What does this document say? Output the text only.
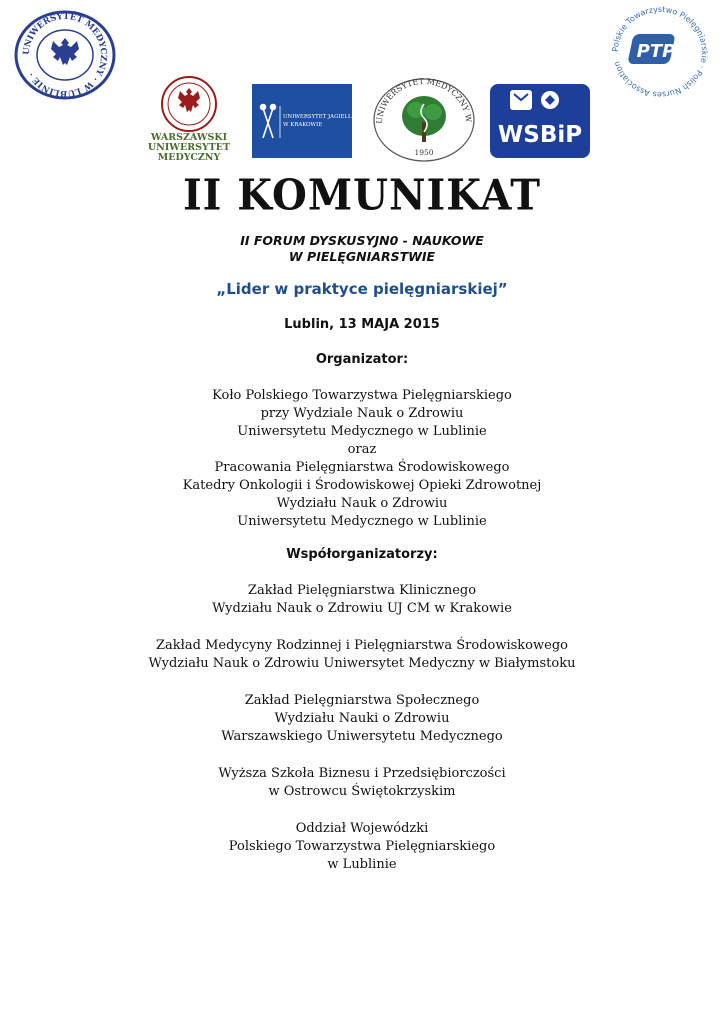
UNIWERSYTET MEDYCZNY · W LUBLINIE ·
Polskie Towarzystwo Pielęgniarskie · Polish Nurses Association
PTP
WARSZAWSKI
UNIWERSYTET
MEDYCZNY
UNIWERSYTET JAGIELLOŃSKI
W KRAKOWIE
UNIWERSYTET MEDYCZNY W
1950
WSBiP
II KOMUNIKAT
II FORUM DYSKUSYJN0 - NAUKOWE
W PIELĘGNIARSTWIE
„Lider w praktyce pielęgniarskiej”
Lublin, 13 MAJA 2015
Organizator:
Koło Polskiego Towarzystwa Pielęgniarskiego
przy Wydziale Nauk o Zdrowiu
Uniwersytetu Medycznego w Lublinie
oraz
Pracowania Pielęgniarstwa Środowiskowego
Katedry Onkologii i Środowiskowej Opieki Zdrowotnej
Wydziału Nauk o Zdrowiu
Uniwersytetu Medycznego w Lublinie
Współorganizatorzy:
Zakład Pielęgniarstwa Klinicznego
Wydziału Nauk o Zdrowiu UJ CM w Krakowie
Zakład Medycyny Rodzinnej i Pielęgniarstwa Środowiskowego
Wydziału Nauk o Zdrowiu Uniwersytet Medyczny w Białymstoku
Zakład Pielęgniarstwa Społecznego
Wydziału Nauki o Zdrowiu
Warszawskiego Uniwersytetu Medycznego
Wyższa Szkoła Biznesu i Przedsiębiorczości
w Ostrowcu Świętokrzyskim
Oddział Wojewódzki
Polskiego Towarzystwa Pielęgniarskiego
w Lublinie
